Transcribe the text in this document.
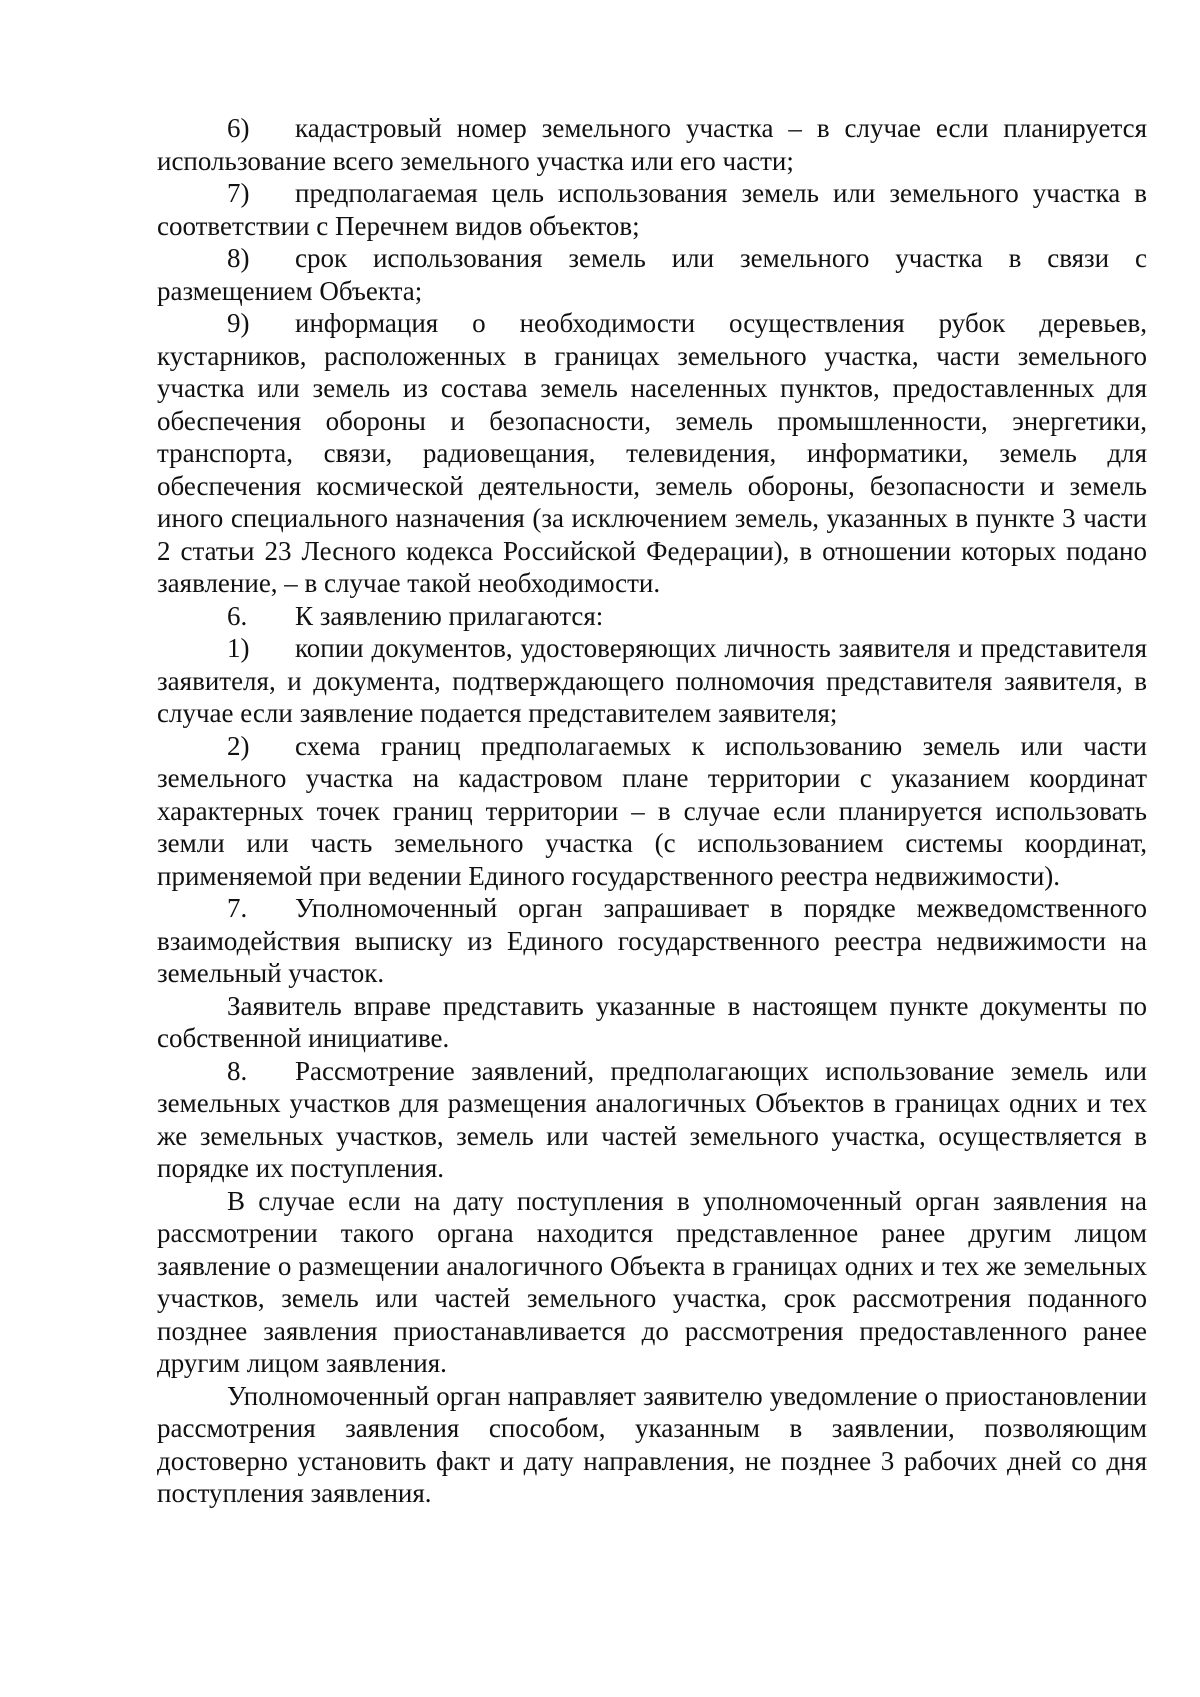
6) кадастровый номер земельного участка – в случае если планируется использование всего земельного участка или его части;

7) предполагаемая цель использования земель или земельного участка в соответствии с Перечнем видов объектов;

8) срок использования земель или земельного участка в связи с размещением Объекта;

9) информация о необходимости осуществления рубок деревьев, кустарников, расположенных в границах земельного участка, части земельного участка или земель из состава земель населенных пунктов, предоставленных для обеспечения обороны и безопасности, земель промышленности, энергетики, транспорта, связи, радиовещания, телевидения, информатики, земель для обеспечения космической деятельности, земель обороны, безопасности и земель иного специального назначения (за исключением земель, указанных в пункте 3 части 2 статьи 23 Лесного кодекса Российской Федерации), в отношении которых подано заявление, – в случае такой необходимости.

6. К заявлению прилагаются:

1) копии документов, удостоверяющих личность заявителя и представителя заявителя, и документа, подтверждающего полномочия представителя заявителя, в случае если заявление подается представителем заявителя;

2) схема границ предполагаемых к использованию земель или части земельного участка на кадастровом плане территории с указанием координат характерных точек границ территории – в случае если планируется использовать земли или часть земельного участка (с использованием системы координат, применяемой при ведении Единого государственного реестра недвижимости).

7. Уполномоченный орган запрашивает в порядке межведомственного взаимодействия выписку из Единого государственного реестра недвижимости на земельный участок.

Заявитель вправе представить указанные в настоящем пункте документы по собственной инициативе.

8. Рассмотрение заявлений, предполагающих использование земель или земельных участков для размещения аналогичных Объектов в границах одних и тех же земельных участков, земель или частей земельного участка, осуществляется в порядке их поступления.

В случае если на дату поступления в уполномоченный орган заявления на рассмотрении такого органа находится представленное ранее другим лицом заявление о размещении аналогичного Объекта в границах одних и тех же земельных участков, земель или частей земельного участка, срок рассмотрения поданного позднее заявления приостанавливается до рассмотрения предоставленного ранее другим лицом заявления.

Уполномоченный орган направляет заявителю уведомление о приостановлении рассмотрения заявления способом, указанным в заявлении, позволяющим достоверно установить факт и дату направления, не позднее 3 рабочих дней со дня поступления заявления.
